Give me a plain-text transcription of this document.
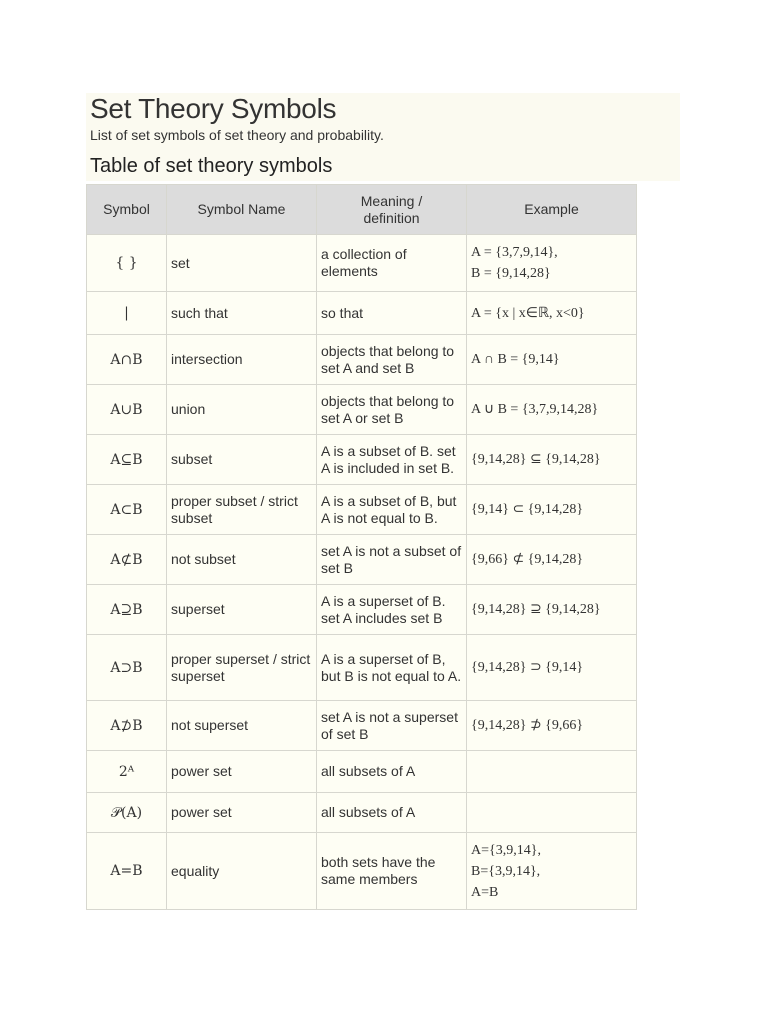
Set Theory Symbols

List of set symbols of set theory and probability.

Table of set theory symbols
Symbol	Symbol Name	Meaning / definition	Example
{ }	set	a collection of elements	A = {3,7,9,14},
B = {9,14,28}
|	such that	so that	A = {x | x∈ℝ, x<0}
A∩B	intersection	objects that belong to set A and set B	A ∩ B = {9,14}
A∪B	union	objects that belong to set A or set B	A ∪ B = {3,7,9,14,28}
A⊆B	subset	A is a subset of B. set A is included in set B.	{9,14,28} ⊆ {9,14,28}
A⊂B	proper subset / strict subset	A is a subset of B, but A is not equal to B.	{9,14} ⊂ {9,14,28}
A⊄B	not subset	set A is not a subset of set B	{9,66} ⊄ {9,14,28}
A⊇B	superset	A is a superset of B. set A includes set B	{9,14,28} ⊇ {9,14,28}
A⊃B	proper superset / strict superset	A is a superset of B, but B is not equal to A.	{9,14,28} ⊃ {9,14}
A⊅B	not superset	set A is not a superset of set B	{9,14,28} ⊅ {9,66}
2ᴬ	power set	all subsets of A	
𝒫(A)	power set	all subsets of A	
A=B	equality	both sets have the same members	A={3,9,14},
B={3,9,14},
A=B
